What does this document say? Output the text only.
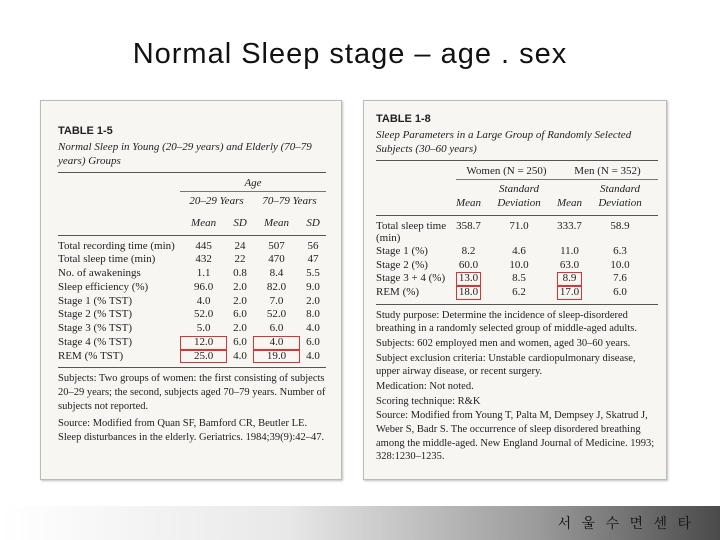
Normal Sleep stage – age . sex
TABLE 1-5
Normal Sleep in Young (20–29 years) and Elderly (70–79 years) Groups
	Age			
	20–29 Years		70–79 Years	
	Mean	SD	Mean	SD

Total recording time (min)	445	24	507	56
Total sleep time (min)	432	22	470	47
No. of awakenings	1.1	0.8	8.4	5.5
Sleep efficiency (%)	96.0	2.0	82.0	9.0
Stage 1 (% TST)	4.0	2.0	7.0	2.0
Stage 2 (% TST)	52.0	6.0	52.0	8.0
Stage 3 (% TST)	5.0	2.0	6.0	4.0
Stage 4 (% TST)	12.0	6.0	4.0	6.0
REM (% TST)	25.0	4.0	19.0	4.0
Subjects: Two groups of women: the first consisting of subjects 20–29 years; the second, subjects aged 70–79 years. Number of subjects not reported.
Source: Modified from Quan SF, Bamford CR, Beutler LE. Sleep disturbances in the elderly. Geriatrics. 1984;39(9):42–47.
TABLE 1-8
Sleep Parameters in a Large Group of Randomly Selected Subjects (30–60 years)
	Women (N = 250)		Men (N = 352)	
	Mean	Standard Deviation	Mean	Standard Deviation

Total sleep time (min)	358.7	71.0	333.7	58.9
Stage 1 (%)	8.2	4.6	11.0	6.3
Stage 2 (%)	60.0	10.0	63.0	10.0
Stage 3 + 4 (%)	13.0	8.5	8.9	7.6
REM (%)	18.0	6.2	17.0	6.0
Study purpose: Determine the incidence of sleep-disordered breathing in a randomly selected group of middle-aged adults.
Subjects: 602 employed men and women, aged 30–60 years.
Subject exclusion criteria: Unstable cardiopulmonary disease, upper airway disease, or recent surgery.
Medication: Not noted.
Scoring technique: R&K
Source: Modified from Young T, Palta M, Dempsey J, Skatrud J, Weber S, Badr S. The occurrence of sleep disordered breathing among the middle-aged. New England Journal of Medicine. 1993; 328:1230–1235.
서 울 수 면 센 타
